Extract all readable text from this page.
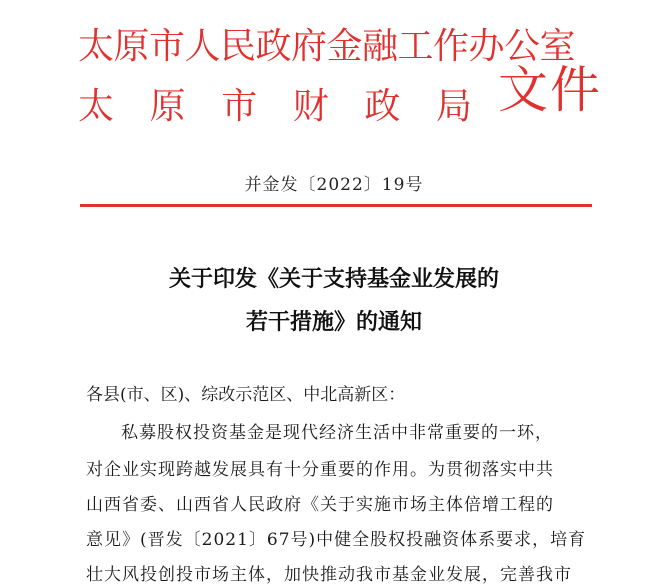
太原市人民政府金融工作办公室
太 原 市 财 政 局 文件
并金发〔2022〕19号
关于印发《关于支持基金业发展的
若干措施》的通知
各县(市、区)、综改示范区、中北高新区：
私募股权投资基金是现代经济生活中非常重要的一环，
对企业实现跨越发展具有十分重要的作用。为贯彻落实中共
山西省委、山西省人民政府《关于实施市场主体倍增工程的
意见》(晋发〔2021〕67号)中健全股权投融资体系要求，培育
壮大风投创投市场主体，加快推动我市基金业发展，完善我市
